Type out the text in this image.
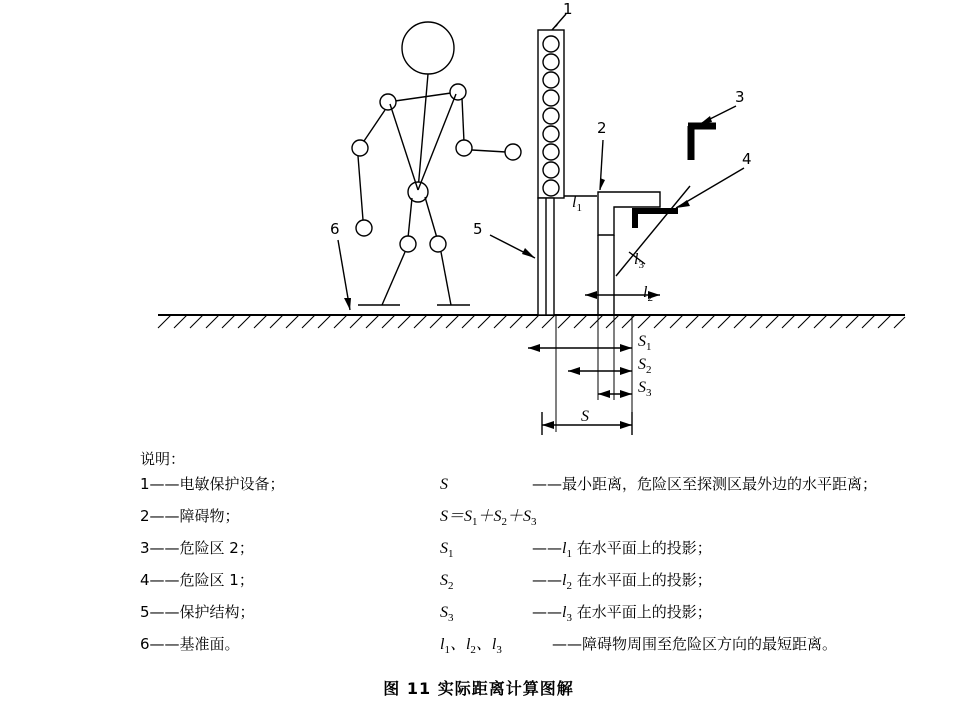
1
2
3
4
5
6
$l_1$
$l_2$
$l_3$
$S_1$
$S_2$
$S_3$
S
说明：
1——电敏保护设备；	S	——最小距离，危险区至探测区最外边的水平距离；
2——障碍物；	$S=S_1+S_2+S_3$
3——危险区 2；	$S_1$	$——l_1$ 在水平面上的投影；
4——危险区 1；	$S_2$	$——l_2$ 在水平面上的投影；
5——保护结构；	$S_3$	$——l_3$ 在水平面上的投影；
6——基准面。	$l_1$、$l_2$、$l_3$	——障碍物周围至危险区方向的最短距离。
图 11 实际距离计算图解
